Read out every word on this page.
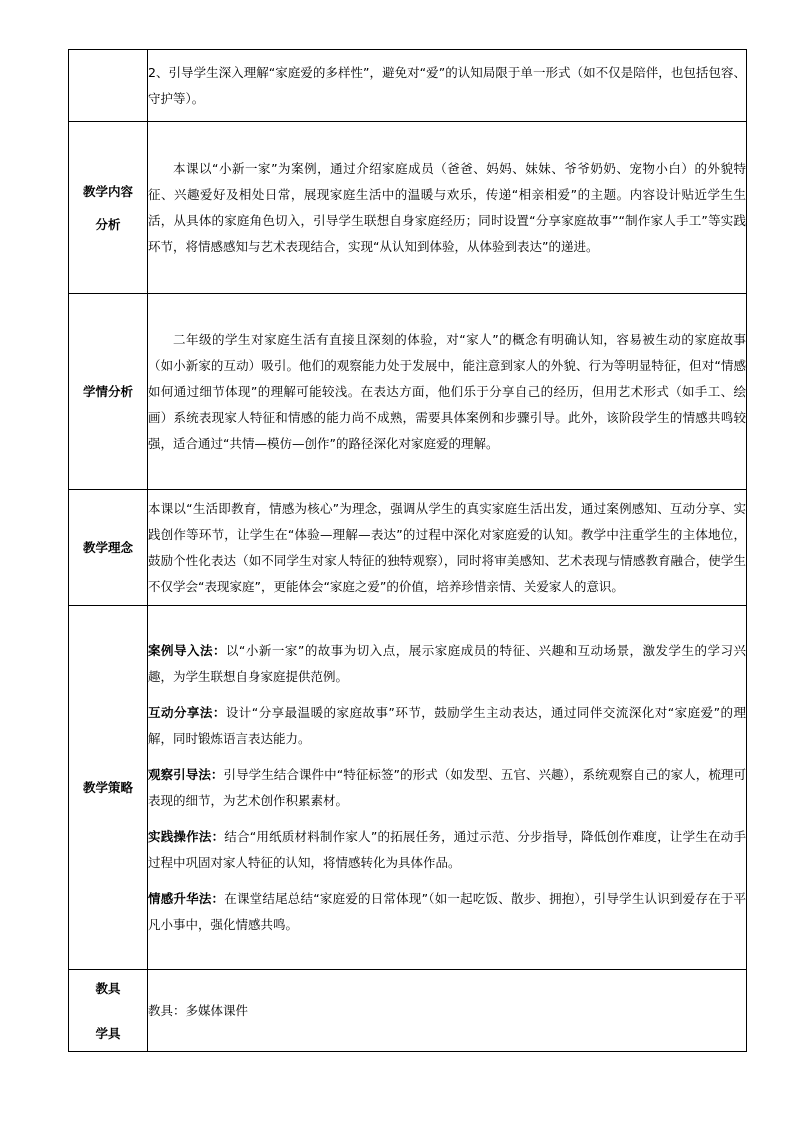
	2、引导学生深入理解“家庭爱的多样性”，避免对“爱”的认知局限于单一形式（如不仅是陪伴，也包括包容、守护等）。

教学内容
分析	本课以“小新一家”为案例，通过介绍家庭成员（爸爸、妈妈、妹妹、爷爷奶奶、宠物小白）的外貌特征、兴趣爱好及相处日常，展现家庭生活中的温暖与欢乐，传递“相亲相爱”的主题。内容设计贴近学生生活，从具体的家庭角色切入，引导学生联想自身家庭经历；同时设置“分享家庭故事”“制作家人手工”等实践环节，将情感感知与艺术表现结合，实现“从认知到体验，从体验到表达”的递进。
学情分析	二年级的学生对家庭生活有直接且深刻的体验，对“家人”的概念有明确认知，容易被生动的家庭故事（如小新家的互动）吸引。他们的观察能力处于发展中，能注意到家人的外貌、行为等明显特征，但对“情感如何通过细节体现”的理解可能较浅。在表达方面，他们乐于分享自己的经历，但用艺术形式（如手工、绘画）系统表现家人特征和情感的能力尚不成熟，需要具体案例和步骤引导。此外，该阶段学生的情感共鸣较强，适合通过“共情—模仿—创作”的路径深化对家庭爱的理解。
教学理念	本课以“生活即教育，情感为核心”为理念，强调从学生的真实家庭生活出发，通过案例感知、互动分享、实践创作等环节，让学生在“体验—理解—表达”的过程中深化对家庭爱的认知。教学中注重学生的主体地位，鼓励个性化表达（如不同学生对家人特征的独特观察），同时将审美感知、艺术表现与情感教育融合，使学生不仅学会“表现家庭”，更能体会“家庭之爱”的价值，培养珍惜亲情、关爱家人的意识。
教学策略	案例导入法：以“小新一家”的故事为切入点，展示家庭成员的特征、兴趣和互动场景，激发学生的学习兴趣，为学生联想自身家庭提供范例。

互动分享法：设计“分享最温暖的家庭故事”环节，鼓励学生主动表达，通过同伴交流深化对“家庭爱”的理解，同时锻炼语言表达能力。

观察引导法：引导学生结合课件中“特征标签”的形式（如发型、五官、兴趣），系统观察自己的家人，梳理可表现的细节，为艺术创作积累素材。

实践操作法：结合“用纸质材料制作家人”的拓展任务，通过示范、分步指导，降低创作难度，让学生在动手过程中巩固对家人特征的认知，将情感转化为具体作品。

情感升华法：在课堂结尾总结“家庭爱的日常体现”（如一起吃饭、散步、拥抱），引导学生认识到爱存在于平凡小事中，强化情感共鸣。

教具
学具	教具：多媒体课件
